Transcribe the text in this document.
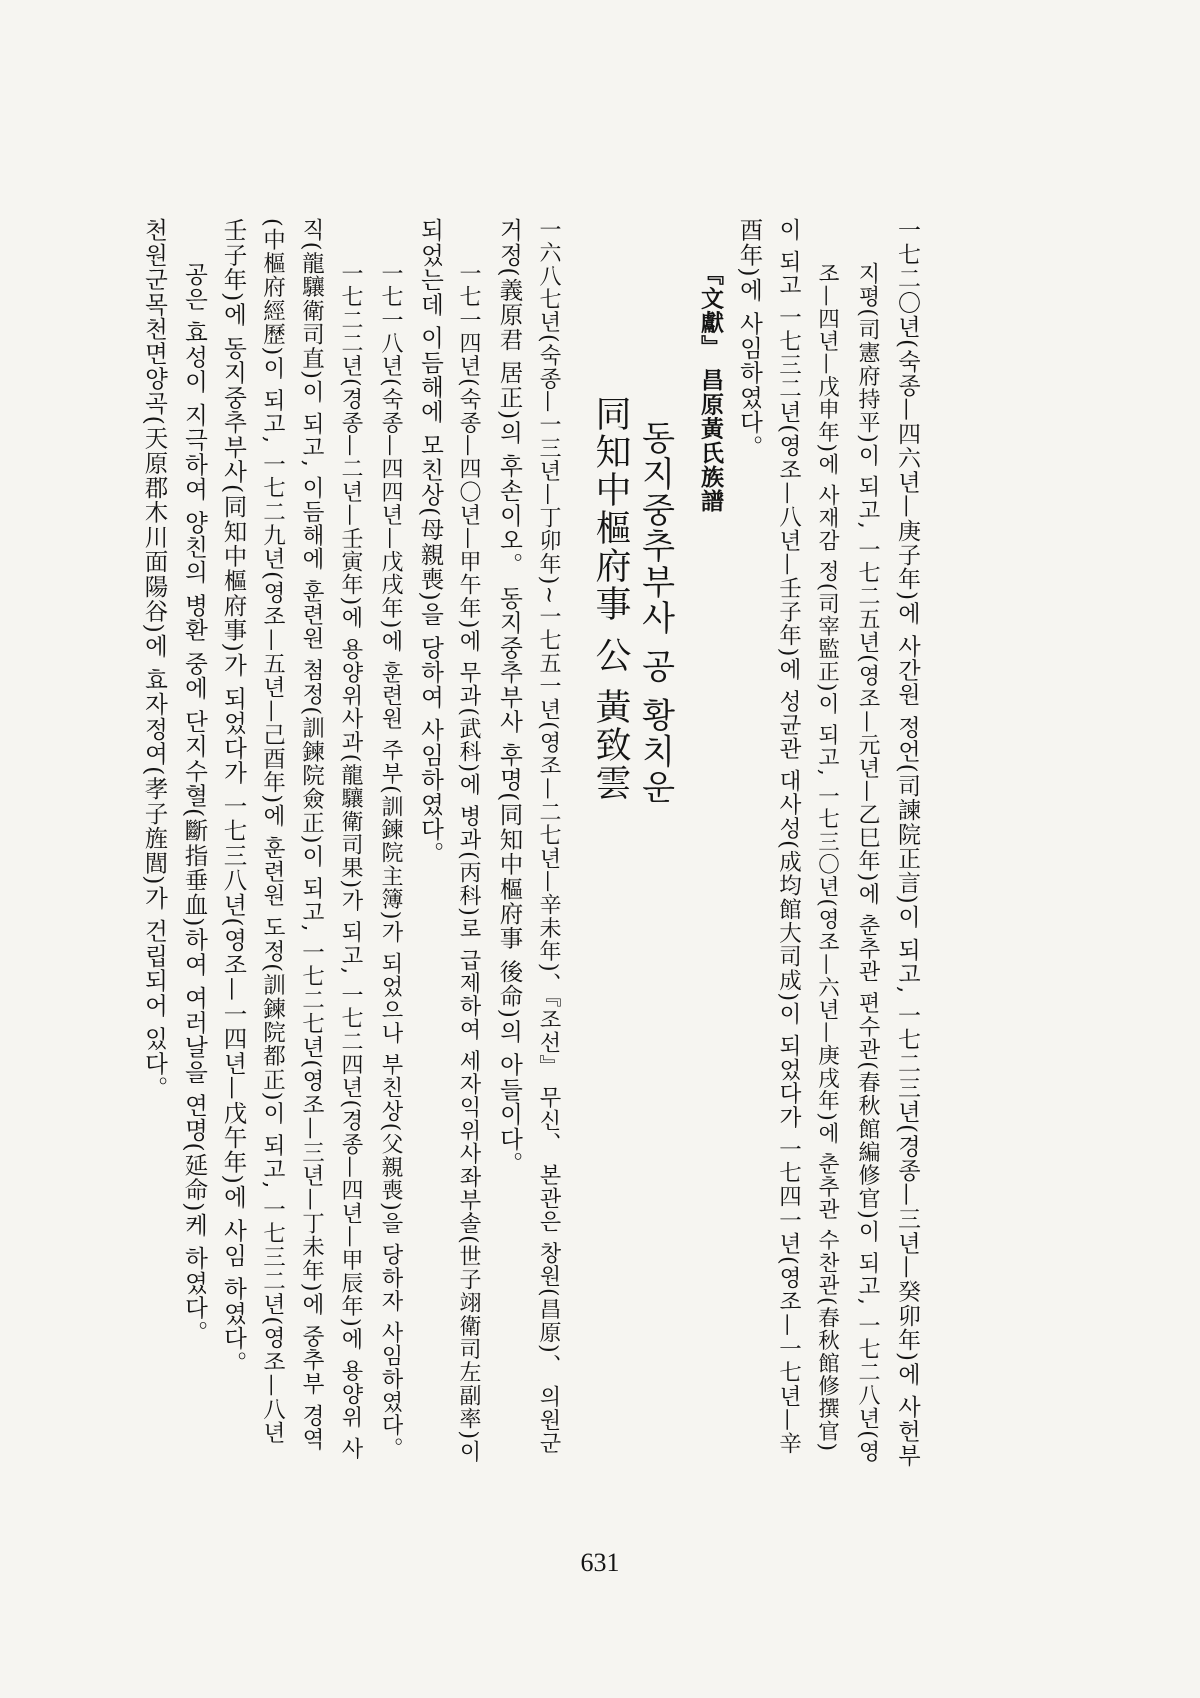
一七二〇년(숙종—四六년—庚子年)에 사간원 정언(司諫院正言)이 되고, 一七二三년(경종—三년—癸卯年)에 사헌부
지평(司憲府持平)이 되고, 一七二五년(영조—元년—乙巳年)에 춘추관 편수관(春秋館編修官)이 되고, 一七二八년(영
조—四년—戊申年)에 사재감 정(司宰監正)이 되고, 一七三〇년(영조—六년—庚戌年)에 춘추관 수찬관(春秋館修撰官)
이 되고 一七三二년(영조—八년—壬子年)에 성균관 대사성(成均館大司成)이 되었다가 一七四一년(영조—一七년—辛
酉年)에 사임하였다。
『文獻』 昌原黃氏族譜
동지중추부사 공 황치운
同知中樞府事 公 黃致雲
一六八七년(숙종—一三년—丁卯年)~一七五一년(영조—二七년—辛未年)、『조선』 무신、 본관은 창원(昌原)、 의원군
거정(義原君 居正)의 후손이오。 동지중추부사 후명(同知中樞府事 後命)의 아들이다。
一七一四년(숙종—四〇년—甲午年)에 무과(武科)에 병과(丙科)로 급제하여 세자익위사좌부솔(世子翊衛司左副率)이
되었는데 이듬해에 모친상(母親喪)을 당하여 사임하였다。
一七一八년(숙종—四四년—戊戌年)에 훈련원 주부(訓鍊院主簿)가 되었으나 부친상(父親喪)을 당하자 사임하였다。
一七二二년(경종—二년—壬寅年)에 용양위사과(龍驤衛司果)가 되고, 一七二四년(경종—四년—甲辰年)에 용양위 사
직(龍驤衛司直)이 되고, 이듬해에 훈련원 첨정(訓鍊院僉正)이 되고, 一七二七년(영조—三년—丁未年)에 중추부 경역
(中樞府經歷)이 되고, 一七二九년(영조—五년—己酉年)에 훈련원 도정(訓鍊院都正)이 되고, 一七三二년(영조—八년
壬子年)에 동지중추부사(同知中樞府事)가 되었다가 一七三八년(영조—一四년—戊午年)에 사임 하였다。
공은 효성이 지극하여 양친의 병환 중에 단지수혈(斷指垂血)하여 여러날을 연명(延命)케 하였다。
천원군목천면양곡(天原郡木川面陽谷)에 효자정여(孝子旌閭)가 건립되어 있다。
631
